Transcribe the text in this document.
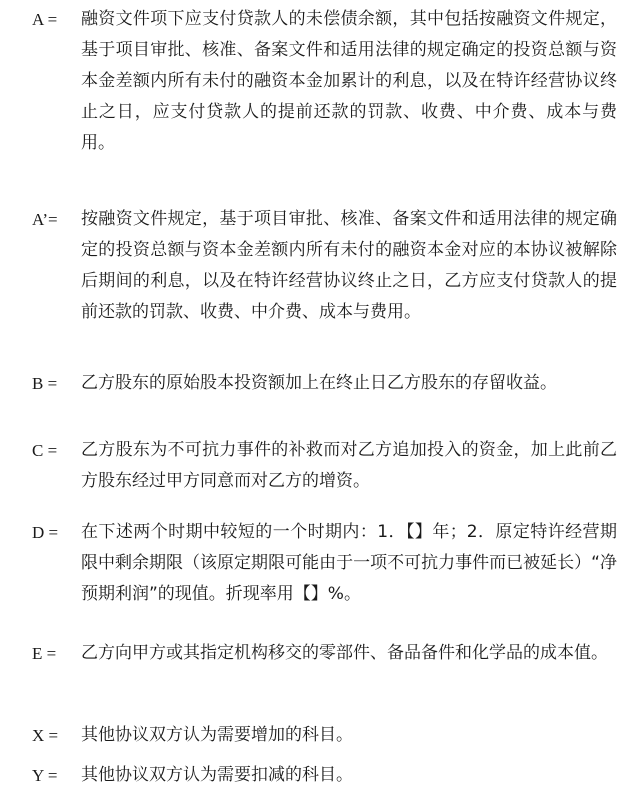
A = 融资文件项下应支付贷款人的未偿债余额，其中包括按融资文件规定，基于项目审批、核准、备案文件和适用法律的规定确定的投资总额与资本金差额内所有未付的融资本金加累计的利息，以及在特许经营协议终止之日，应支付贷款人的提前还款的罚款、收费、中介费、成本与费用。
A’= 按融资文件规定，基于项目审批、核准、备案文件和适用法律的规定确定的投资总额与资本金差额内所有未付的融资本金对应的本协议被解除后期间的利息，以及在特许经营协议终止之日，乙方应支付贷款人的提前还款的罚款、收费、中介费、成本与费用。
B = 乙方股东的原始股本投资额加上在终止日乙方股东的存留收益。
C = 乙方股东为不可抗力事件的补救而对乙方追加投入的资金，加上此前乙方股东经过甲方同意而对乙方的增资。
D = 在下述两个时期中较短的一个时期内：1．【】年；2．原定特许经营期限中剩余期限（该原定期限可能由于一项不可抗力事件而已被延长）“净预期利润”的现值。折现率用【】%。
E = 乙方向甲方或其指定机构移交的零部件、备品备件和化学品的成本值。
X = 其他协议双方认为需要增加的科目。
Y = 其他协议双方认为需要扣减的科目。
